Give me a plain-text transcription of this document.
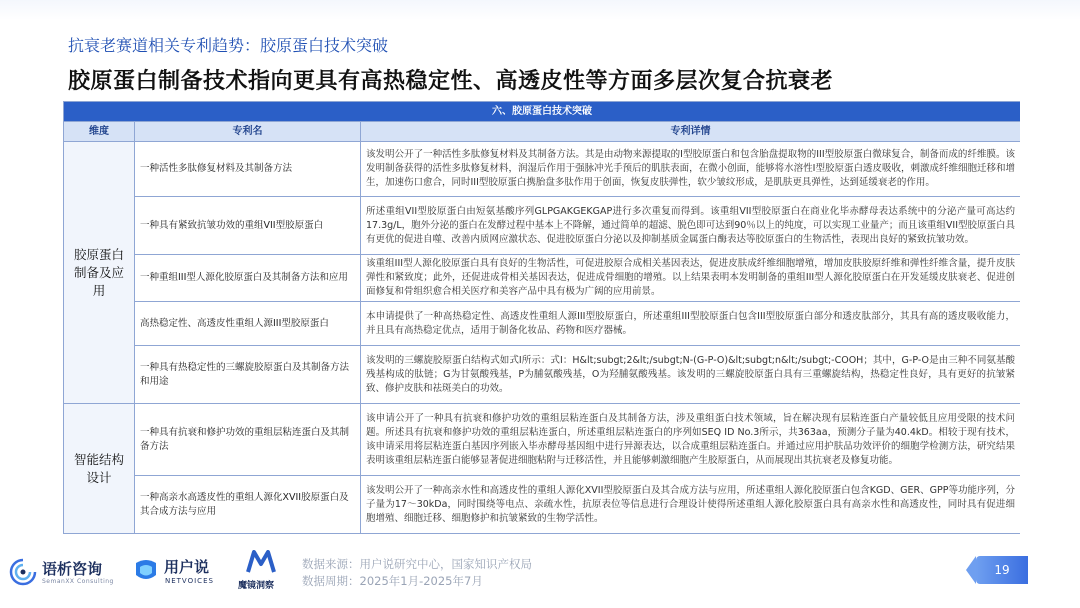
抗衰老赛道相关专利趋势：胶原蛋白技术突破
胶原蛋白制备技术指向更具有高热稳定性、高透皮性等方面多层次复合抗衰老
六、胶原蛋白技术突破		
维度	专利名	专利详情
胶原蛋白制备及应用	一种活性多肽修复材料及其制备方法	该发明公开了一种活性多肽修复材料及其制备方法。其是由动物来源提取的Ⅰ型胶原蛋白和包含胎盘提取物的III型胶原蛋白微球复合，制备而成的纤维膜。该发明制备获得的活性多肽修复材料，润湿后作用于强脉冲光手预后的肌肤表面，在微小创面，能够将水溶性Ⅰ型胶原蛋白透皮吸收，刺激成纤维细胞迁移和增生，加速伤口愈合，同时III型胶原蛋白携胎盘多肽作用于创面，恢复皮肤弹性，软少皱纹形成，是肌肤更具弹性，达到延缓衰老的作用。
	一种具有紧致抗皱功效的重组VII型胶原蛋白	所述重组VII型胶原蛋白由短氨基酸序列GLPGAKGEKGAP进行多次重复而得到。该重组VII型胶原蛋白在商业化毕赤酵母表达系统中的分泌产量可高达约17.3g/L，胞外分泌的蛋白在发酵过程中基本上不降解，通过简单的超滤、脱色即可达到90％以上的纯度，可以实现工业量产；而且该重组VII型胶原蛋白具有更优的促进自噬、改善内质网应激状态、促进胶原蛋白分泌以及抑制基质金属蛋白酶表达等胶原蛋白的生物活性，表现出良好的紧致抗皱功效。
	一种重组III型人源化胶原蛋白及其制备方法和应用	该重组III型人源化胶原蛋白具有良好的生物活性，可促进胶原合成相关基因表达，促进皮肤成纤维细胞增殖，增加皮肤胶原纤维和弹性纤维含量，提升皮肤弹性和紧致度；此外，还促进成骨相关基因表达，促进成骨细胞的增殖。以上结果表明本发明制备的重组III型人源化胶原蛋白在开发延缓皮肤衰老、促进创面修复和骨组织愈合相关医疗和美容产品中具有极为广阔的应用前景。
	高热稳定性、高透皮性重组人源III型胶原蛋白	本申请提供了一种高热稳定性、高透皮性重组人源III型胶原蛋白，所述重组III型胶原蛋白包含III型胶原蛋白部分和透皮肽部分，其具有高的透皮吸收能力，并且具有高热稳定优点，适用于制备化妆品、药物和医疗器械。
	一种具有热稳定性的三螺旋胶原蛋白及其制备方法和用途	该发明的三螺旋胶原蛋白结构式如式I所示：式I：H&lt;subgt;2&lt;/subgt;N-(G-P-O)&lt;subgt;n&lt;/subgt;-COOH；其中，G-P-O是由三种不同氨基酸残基构成的肽链；G为甘氨酸残基，P为脯氨酸残基，O为羟脯氨酸残基。该发明的三螺旋胶原蛋白具有三重螺旋结构，热稳定性良好，具有更好的抗皱紧致、修护皮肤和祛斑美白的功效。
智能结构设计	一种具有抗衰和修护功效的重组层粘连蛋白及其制备方法	该申请公开了一种具有抗衰和修护功效的重组层粘连蛋白及其制备方法，涉及重组蛋白技术领域，旨在解决现有层粘连蛋白产量较低且应用受限的技术问题。所述具有抗衰和修护功效的重组层粘连蛋白，所述重组层粘连蛋白的序列如SEQ ID No.3所示，共363aa，预测分子量为40.4kD。相较于现有技术，该申请采用将层粘连蛋白基因序列嵌入毕赤酵母基因组中进行异源表达，以合成重组层粘连蛋白。并通过应用护肤品功效评价的细胞学检测方法，研究结果表明该重组层粘连蛋白能够显著促进细胞粘附与迁移活性，并且能够刺激细胞产生胶原蛋白，从而展现出其抗衰老及修复功能。
	一种高亲水高透皮性的重组人源化XVII胶原蛋白及其合成方法与应用	该发明公开了一种高亲水性和高透皮性的重组人源化XVII型胶原蛋白及其合成方法与应用，所述重组人源化胶原蛋白包含KGD、GER、GPP等功能序列，分子量为17～30kDa，同时围绕等电点、亲疏水性，抗原表位等信息进行合理设计使得所述重组人源化胶原蛋白具有高亲水性和高透皮性，同时具有促进细胞增殖、细胞迁移、细胞修护和抗皱紧致的生物学活性。
语析咨询
SemanXX Consulting
用户说
NETVOICES	魔镜洞察
数据来源：用户说研究中心，国家知识产权局
数据周期：2025年1月-2025年7月
19
